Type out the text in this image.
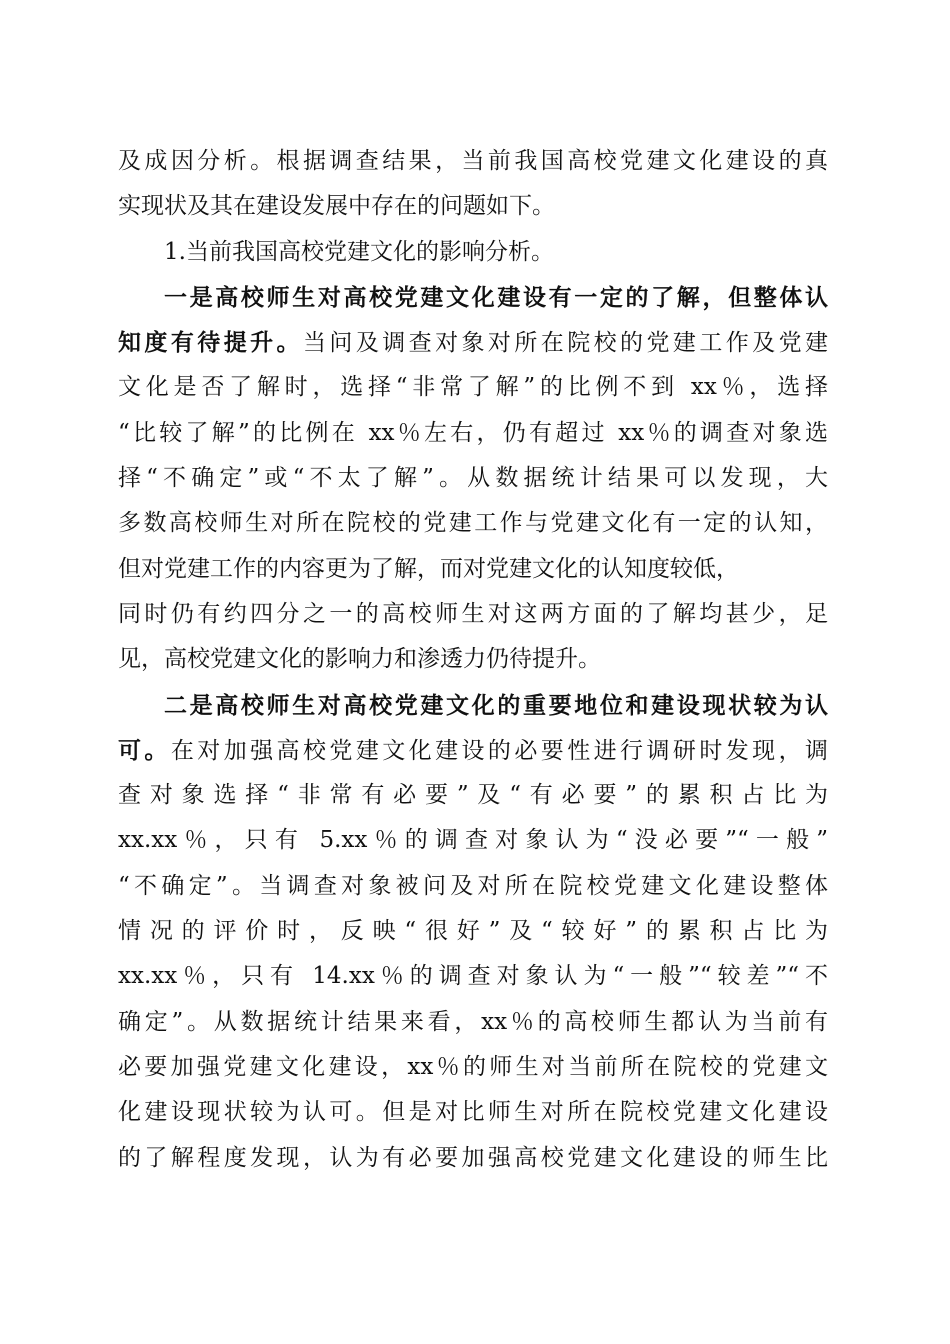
及成因分析。根据调查结果，当前我国高校党建文化建设的真
实现状及其在建设发展中存在的问题如下。
1.当前我国高校党建文化的影响分析。
一是高校师生对高校党建文化建设有一定的了解，但整体认
知度有待提升。当问及调查对象对所在院校的党建工作及党建
文化是否了解时，选择“非常了解”的比例不到 xx％，选择
“比较了解”的比例在 xx％左右，仍有超过 xx％的调查对象选
择“不确定”或“不太了解”。从数据统计结果可以发现，大
多数高校师生对所在院校的党建工作与党建文化有一定的认知，
但对党建工作的内容更为了解，而对党建文化的认知度较低，
同时仍有约四分之一的高校师生对这两方面的了解均甚少，足
见，高校党建文化的影响力和渗透力仍待提升。
二是高校师生对高校党建文化的重要地位和建设现状较为认
可。在对加强高校党建文化建设的必要性进行调研时发现，调
查对象选择“非常有必要”及“有必要”的累积占比为
xx.xx％，只有 5.xx％的调查对象认为“没必要”“一般”
“不确定”。当调查对象被问及对所在院校党建文化建设整体
情况的评价时，反映“很好”及“较好”的累积占比为
xx.xx％，只有 14.xx％的调查对象认为“一般”“较差”“不
确定”。从数据统计结果来看，xx％的高校师生都认为当前有
必要加强党建文化建设，xx％的师生对当前所在院校的党建文
化建设现状较为认可。但是对比师生对所在院校党建文化建设
的了解程度发现，认为有必要加强高校党建文化建设的师生比
